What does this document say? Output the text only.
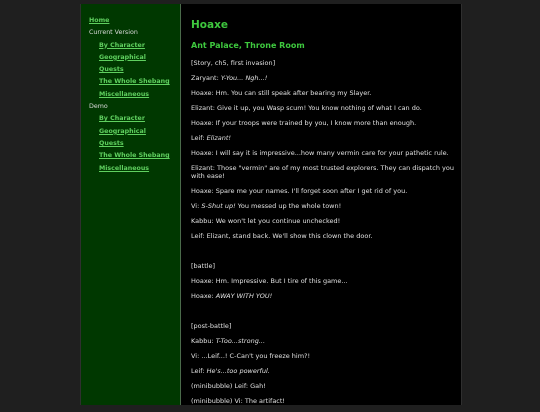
Home
Current Version
By Character
Geographical
Quests
The Whole Shebang
Miscellaneous
Demo
By Character
Geographical
Quests
The Whole Shebang
Miscellaneous
Hoaxe
Ant Palace, Throne Room
[Story, ch5, first invasion]
Zaryant: Y-You... Ngh...!
Hoaxe: Hm. You can still speak after bearing my Slayer.
Elizant: Give it up, you Wasp scum! You know nothing of what I can do.
Hoaxe: If your troops were trained by you, I know more than enough.
Leif: Elizant!
Hoaxe: I will say it is impressive...how many vermin care for your pathetic rule.
Elizant: Those "vermin" are of my most trusted explorers. They can dispatch you with ease!
Hoaxe: Spare me your names. I'll forget soon after I get rid of you.
Vi: S-Shut up! You messed up the whole town!
Kabbu: We won't let you continue unchecked!
Leif: Elizant, stand back. We'll show this clown the door.
[battle]
Hoaxe: Hm. Impressive. But I tire of this game...
Hoaxe: AWAY WITH YOU!
[post-battle]
Kabbu: T-Too...strong...
Vi: ...Leif...! C-Can't you freeze him?!
Leif: He's...too powerful.
(minibubble) Leif: Gah!
(minibubble) Vi: The artifact!
